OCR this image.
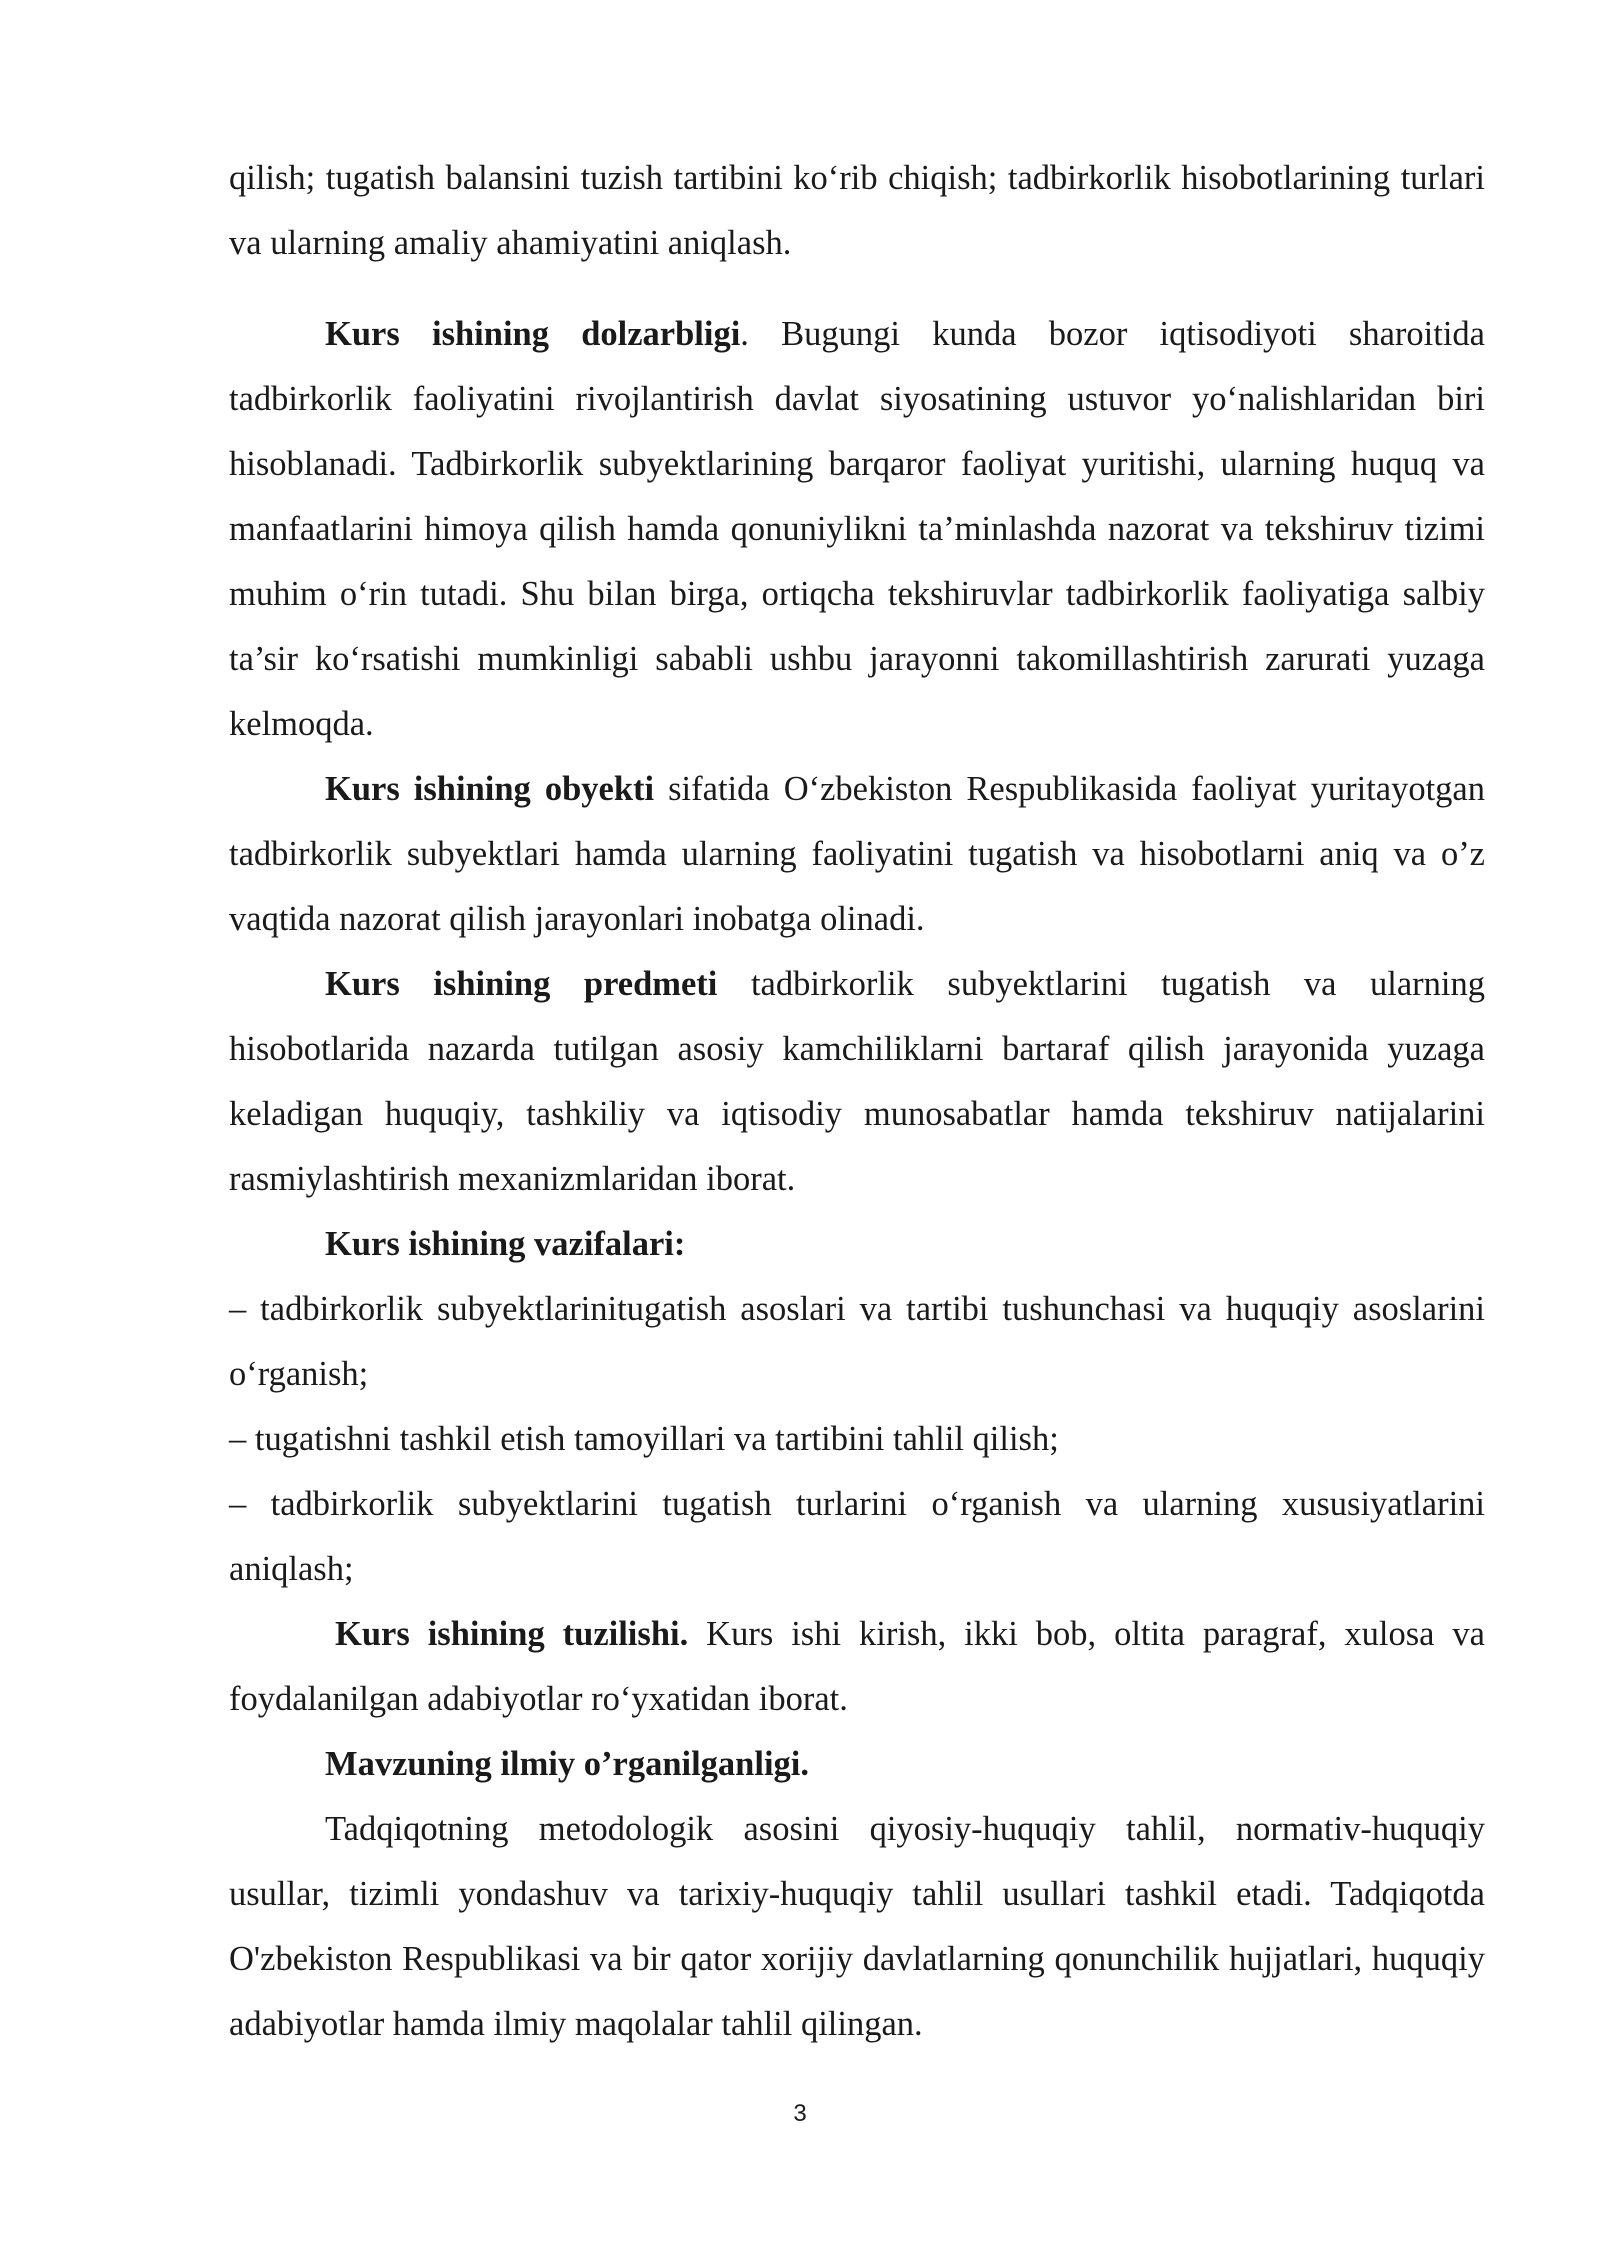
qilish; tugatish balansini tuzish tartibini ko‘rib chiqish; tadbirkorlik hisobotlarining turlari va ularning amaliy ahamiyatini aniqlash.

Kurs ishining dolzarbligi. Bugungi kunda bozor iqtisodiyoti sharoitida tadbirkorlik faoliyatini rivojlantirish davlat siyosatining ustuvor yo‘nalishlaridan biri hisoblanadi. Tadbirkorlik subyektlarining barqaror faoliyat yuritishi, ularning huquq va manfaatlarini himoya qilish hamda qonuniylikni ta’minlashda nazorat va tekshiruv tizimi muhim o‘rin tutadi. Shu bilan birga, ortiqcha tekshiruvlar tadbirkorlik faoliyatiga salbiy ta’sir ko‘rsatishi mumkinligi sababli ushbu jarayonni takomillashtirish zarurati yuzaga kelmoqda.

Kurs ishining obyekti sifatida O‘zbekiston Respublikasida faoliyat yuritayotgan tadbirkorlik subyektlari hamda ularning faoliyatini tugatish va hisobotlarni aniq va o’z vaqtida nazorat qilish jarayonlari inobatga olinadi.

Kurs ishining predmeti tadbirkorlik subyektlarini tugatish va ularning hisobotlarida nazarda tutilgan asosiy kamchiliklarni bartaraf qilish jarayonida yuzaga keladigan huquqiy, tashkiliy va iqtisodiy munosabatlar hamda tekshiruv natijalarini rasmiylashtirish mexanizmlaridan iborat.

Kurs ishining vazifalari:

– tadbirkorlik subyektlarinitugatish asoslari va tartibi tushunchasi va huquqiy asoslarini o‘rganish;

– tugatishni tashkil etish tamoyillari va tartibini tahlil qilish;

– tadbirkorlik subyektlarini tugatish turlarini o‘rganish va ularning xususiyatlarini aniqlash;

Kurs ishining tuzilishi. Kurs ishi kirish, ikki bob, oltita paragraf, xulosa va foydalanilgan adabiyotlar ro‘yxatidan iborat.

Mavzuning ilmiy o’rganilganligi.

Tadqiqotning metodologik asosini qiyosiy-huquqiy tahlil, normativ-huquqiy usullar, tizimli yondashuv va tarixiy-huquqiy tahlil usullari tashkil etadi. Tadqiqotda O'zbekiston Respublikasi va bir qator xorijiy davlatlarning qonunchilik hujjatlari, huquqiy adabiyotlar hamda ilmiy maqolalar tahlil qilingan.

3
